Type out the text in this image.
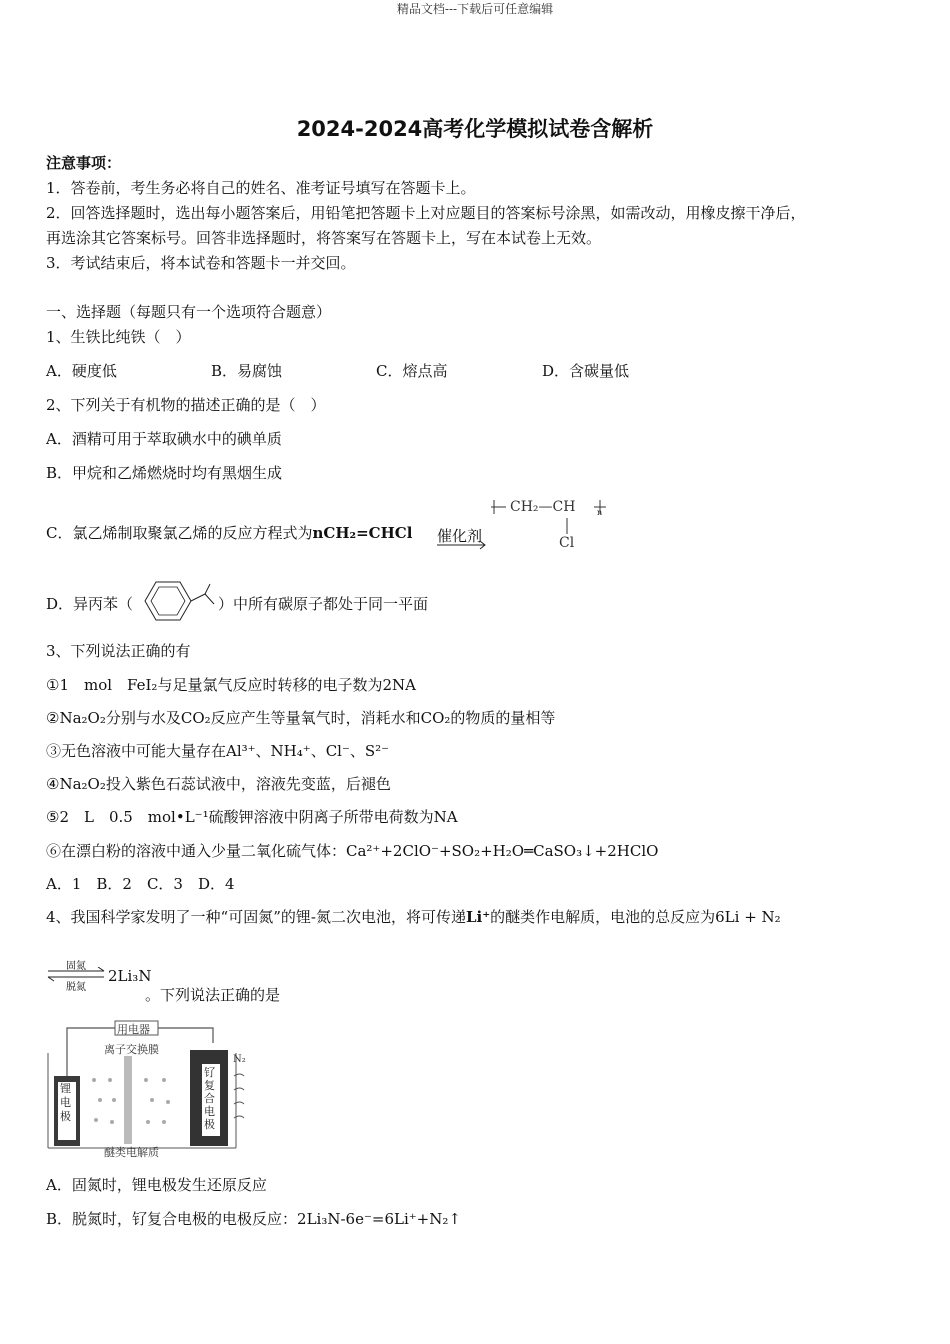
精品文档---下载后可任意编辑
2024-2024高考化学模拟试卷含解析
注意事项：
1．答卷前，考生务必将自己的姓名、准考证号填写在答题卡上。
2．回答选择题时，选出每小题答案后，用铅笔把答题卡上对应题目的答案标号涂黑，如需改动，用橡皮擦干净后，
再选涂其它答案标号。回答非选择题时，将答案写在答题卡上，写在本试卷上无效。
3．考试结束后，将本试卷和答题卡一并交回。
一、选择题（每题只有一个选项符合题意）
1、生铁比纯铁（　）
A．硬度低	B．易腐蚀	C．熔点高	D．含碳量低
2、下列关于有机物的描述正确的是（　）
A．酒精可用于萃取碘水中的碘单质
B．甲烷和乙烯燃烧时均有黑烟生成
C．氯乙烯制取聚氯乙烯的反应方程式为nCH₂=CHCl 催化剂
CH₂—CH	n
Cl
D．异丙苯（	）中所有碳原子都处于同一平面
3、下列说法正确的有
①1　mol　FeI₂与足量氯气反应时转移的电子数为2NA
②Na₂O₂分别与水及CO₂反应产生等量氧气时，消耗水和CO₂的物质的量相等
③无色溶液中可能大量存在Al³⁺、NH₄⁺、Cl⁻、S²⁻
④Na₂O₂投入紫色石蕊试液中，溶液先变蓝，后褪色
⑤2　L　0.5　mol•L⁻¹硫酸钾溶液中阴离子所带电荷数为NA
⑥在漂白粉的溶液中通入少量二氧化硫气体：Ca²⁺+2ClO⁻+SO₂+H₂O═CaSO₃↓+2HClO
A．1　B．2　C．3　D．4
4、我国科学家发明了一种“可固氮”的锂-氮二次电池，将可传递Li⁺的醚类作电解质，电池的总反应为6Li + N₂
固氮
脱氮
2Li₃N
。下列说法正确的是
用电器
离子交换膜
锂电极
钌复合电极
N₂
醚类电解质
A．固氮时，锂电极发生还原反应
B．脱氮时，钌复合电极的电极反应：2Li₃N-6e⁻=6Li⁺+N₂↑
